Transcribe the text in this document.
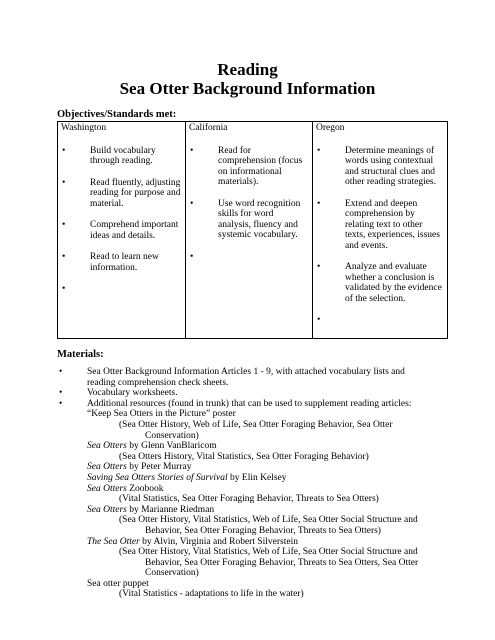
Reading
Sea Otter Background Information
Objectives/Standards met:
Washington
• Build vocabulary through reading.
• Read fluently, adjusting reading for purpose and material.
• Comprehend important ideas and details.
• Read to learn new information.
•

California
• Read for comprehension (focus on informational materials).
• Use word recognition skills for word analysis, fluency and systemic vocabulary.
•

Oregon
• Determine meanings of words using contextual and structural clues and other reading strategies.
• Extend and deepen comprehension by relating text to other texts, experiences, issues and events.
• Analyze and evaluate whether a conclusion is validated by the evidence of the selection.
•
Materials:
• Sea Otter Background Information Articles 1 - 9, with attached vocabulary lists and
reading comprehension check sheets.
• Vocabulary worksheets.
• Additional resources (found in trunk) that can be used to supplement reading articles:
“Keep Sea Otters in the Picture” poster
(Sea Otter History, Web of Life, Sea Otter Foraging Behavior, Sea Otter
Conservation)
Sea Otters by Glenn VanBlaricom
(Sea Otters History, Vital Statistics, Sea Otter Foraging Behavior)
Sea Otters by Peter Murray
Saving Sea Otters Stories of Survival by Elin Kelsey
Sea Otters Zoobook
(Vital Statistics, Sea Otter Foraging Behavior, Threats to Sea Otters)
Sea Otters by Marianne Riedman
(Sea Otter History, Vital Statistics, Web of Life, Sea Otter Social Structure and
Behavior, Sea Otter Foraging Behavior, Threats to Sea Otters)
The Sea Otter by Alvin, Virginia and Robert Silverstein
(Sea Otter History, Vital Statistics, Web of Life, Sea Otter Social Structure and
Behavior, Sea Otter Foraging Behavior, Threats to Sea Otters, Sea Otter
Conservation)
Sea otter puppet
(Vital Statistics - adaptations to life in the water)
